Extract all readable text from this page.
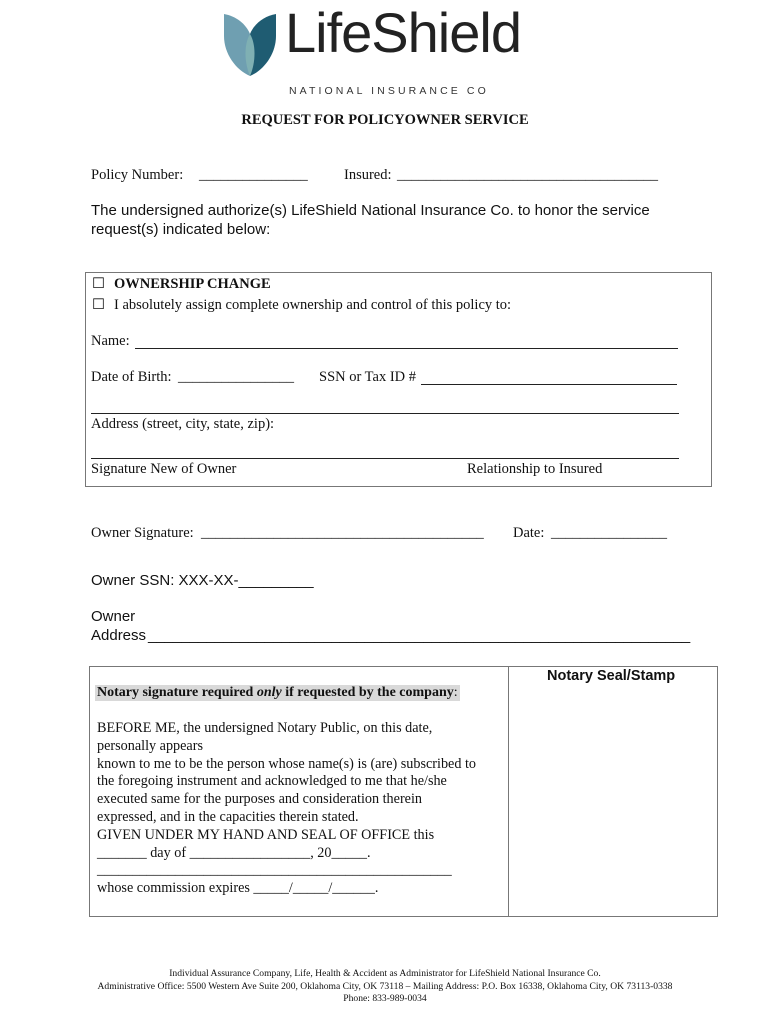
LifeShield
NATIONAL INSURANCE CO
REQUEST FOR POLICYOWNER SERVICE
Policy Number: _______________	Insured: ____________________________________
The undersigned authorize(s) LifeShield National Insurance Co. to honor the service
request(s) indicated below:
☐ OWNERSHIP CHANGE
☐ I absolutely assign complete ownership and control of this policy to:
Name:
Date of Birth: ________________ SSN or Tax ID #
Address (street, city, state, zip):
Signature New of Owner	Relationship to Insured
Owner Signature: _______________________________________ Date: ________________
Owner SSN: XXX-XX-_________
Owner
Address _________________________________________________________________
Notary Seal/Stamp
Notary signature required only if requested by the company:
BEFORE ME, the undersigned Notary Public, on this date,
personally appears
known to me to be the person whose name(s) is (are) subscribed to
the foregoing instrument and acknowledged to me that he/she
executed same for the purposes and consideration therein
expressed, and in the capacities therein stated.
GIVEN UNDER MY HAND AND SEAL OF OFFICE this
_______ day of _________________, 20_____.
__________________________________________________
whose commission expires _____/_____/______.
Individual Assurance Company, Life, Health & Accident as Administrator for LifeShield National Insurance Co.
Administrative Office: 5500 Western Ave Suite 200, Oklahoma City, OK 73118 – Mailing Address: P.O. Box 16338, Oklahoma City, OK 73113-0338
Phone: 833-989-0034
